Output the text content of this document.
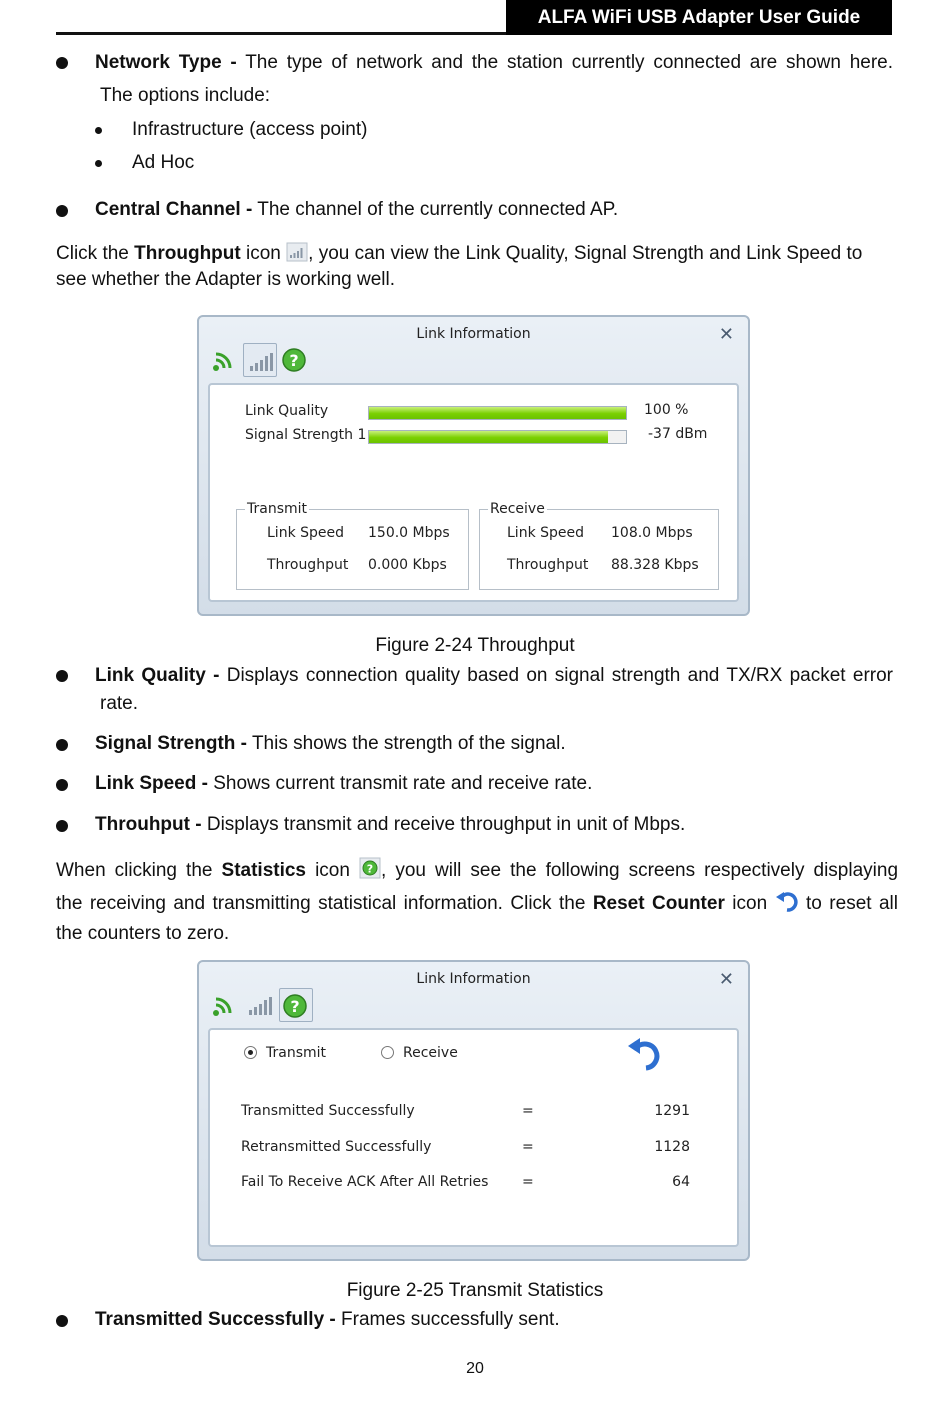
ALFA WiFi USB Adapter User Guide
Network Type - The type of network and the station currently connected are shown here.
The options include:
Infrastructure (access point)
Ad Hoc
Central Channel - The channel of the currently connected AP.
Click the Throughput icon , you can view the Link Quality, Signal Strength and Link Speed to
see whether the Adapter is working well.
Link Information	✕
?
Link Quality	100 %
Signal Strength 1	-37 dBm
Transmit
Link Speed 150.0 Mbps
Throughput 0.000 Kbps
Receive
Link Speed 108.0 Mbps
Throughput 88.328 Kbps
Figure 2-24 Throughput
Link Quality - Displays connection quality based on signal strength and TX/RX packet error
rate.
Signal Strength - This shows the strength of the signal.
Link Speed - Shows current transmit rate and receive rate.
Throuhput - Displays transmit and receive throughput in unit of Mbps.
When clicking the Statistics icon ? , you will see the following screens respectively displaying
the receiving and transmitting statistical information. Click the Reset Counter icon to reset all
the counters to zero.
Link Information	✕
?
Transmit	Receive
Transmitted Successfully	=	1291
Retransmitted Successfully	=	1128
Fail To Receive ACK After All Retries =	64
Figure 2-25 Transmit Statistics
Transmitted Successfully - Frames successfully sent.
20
